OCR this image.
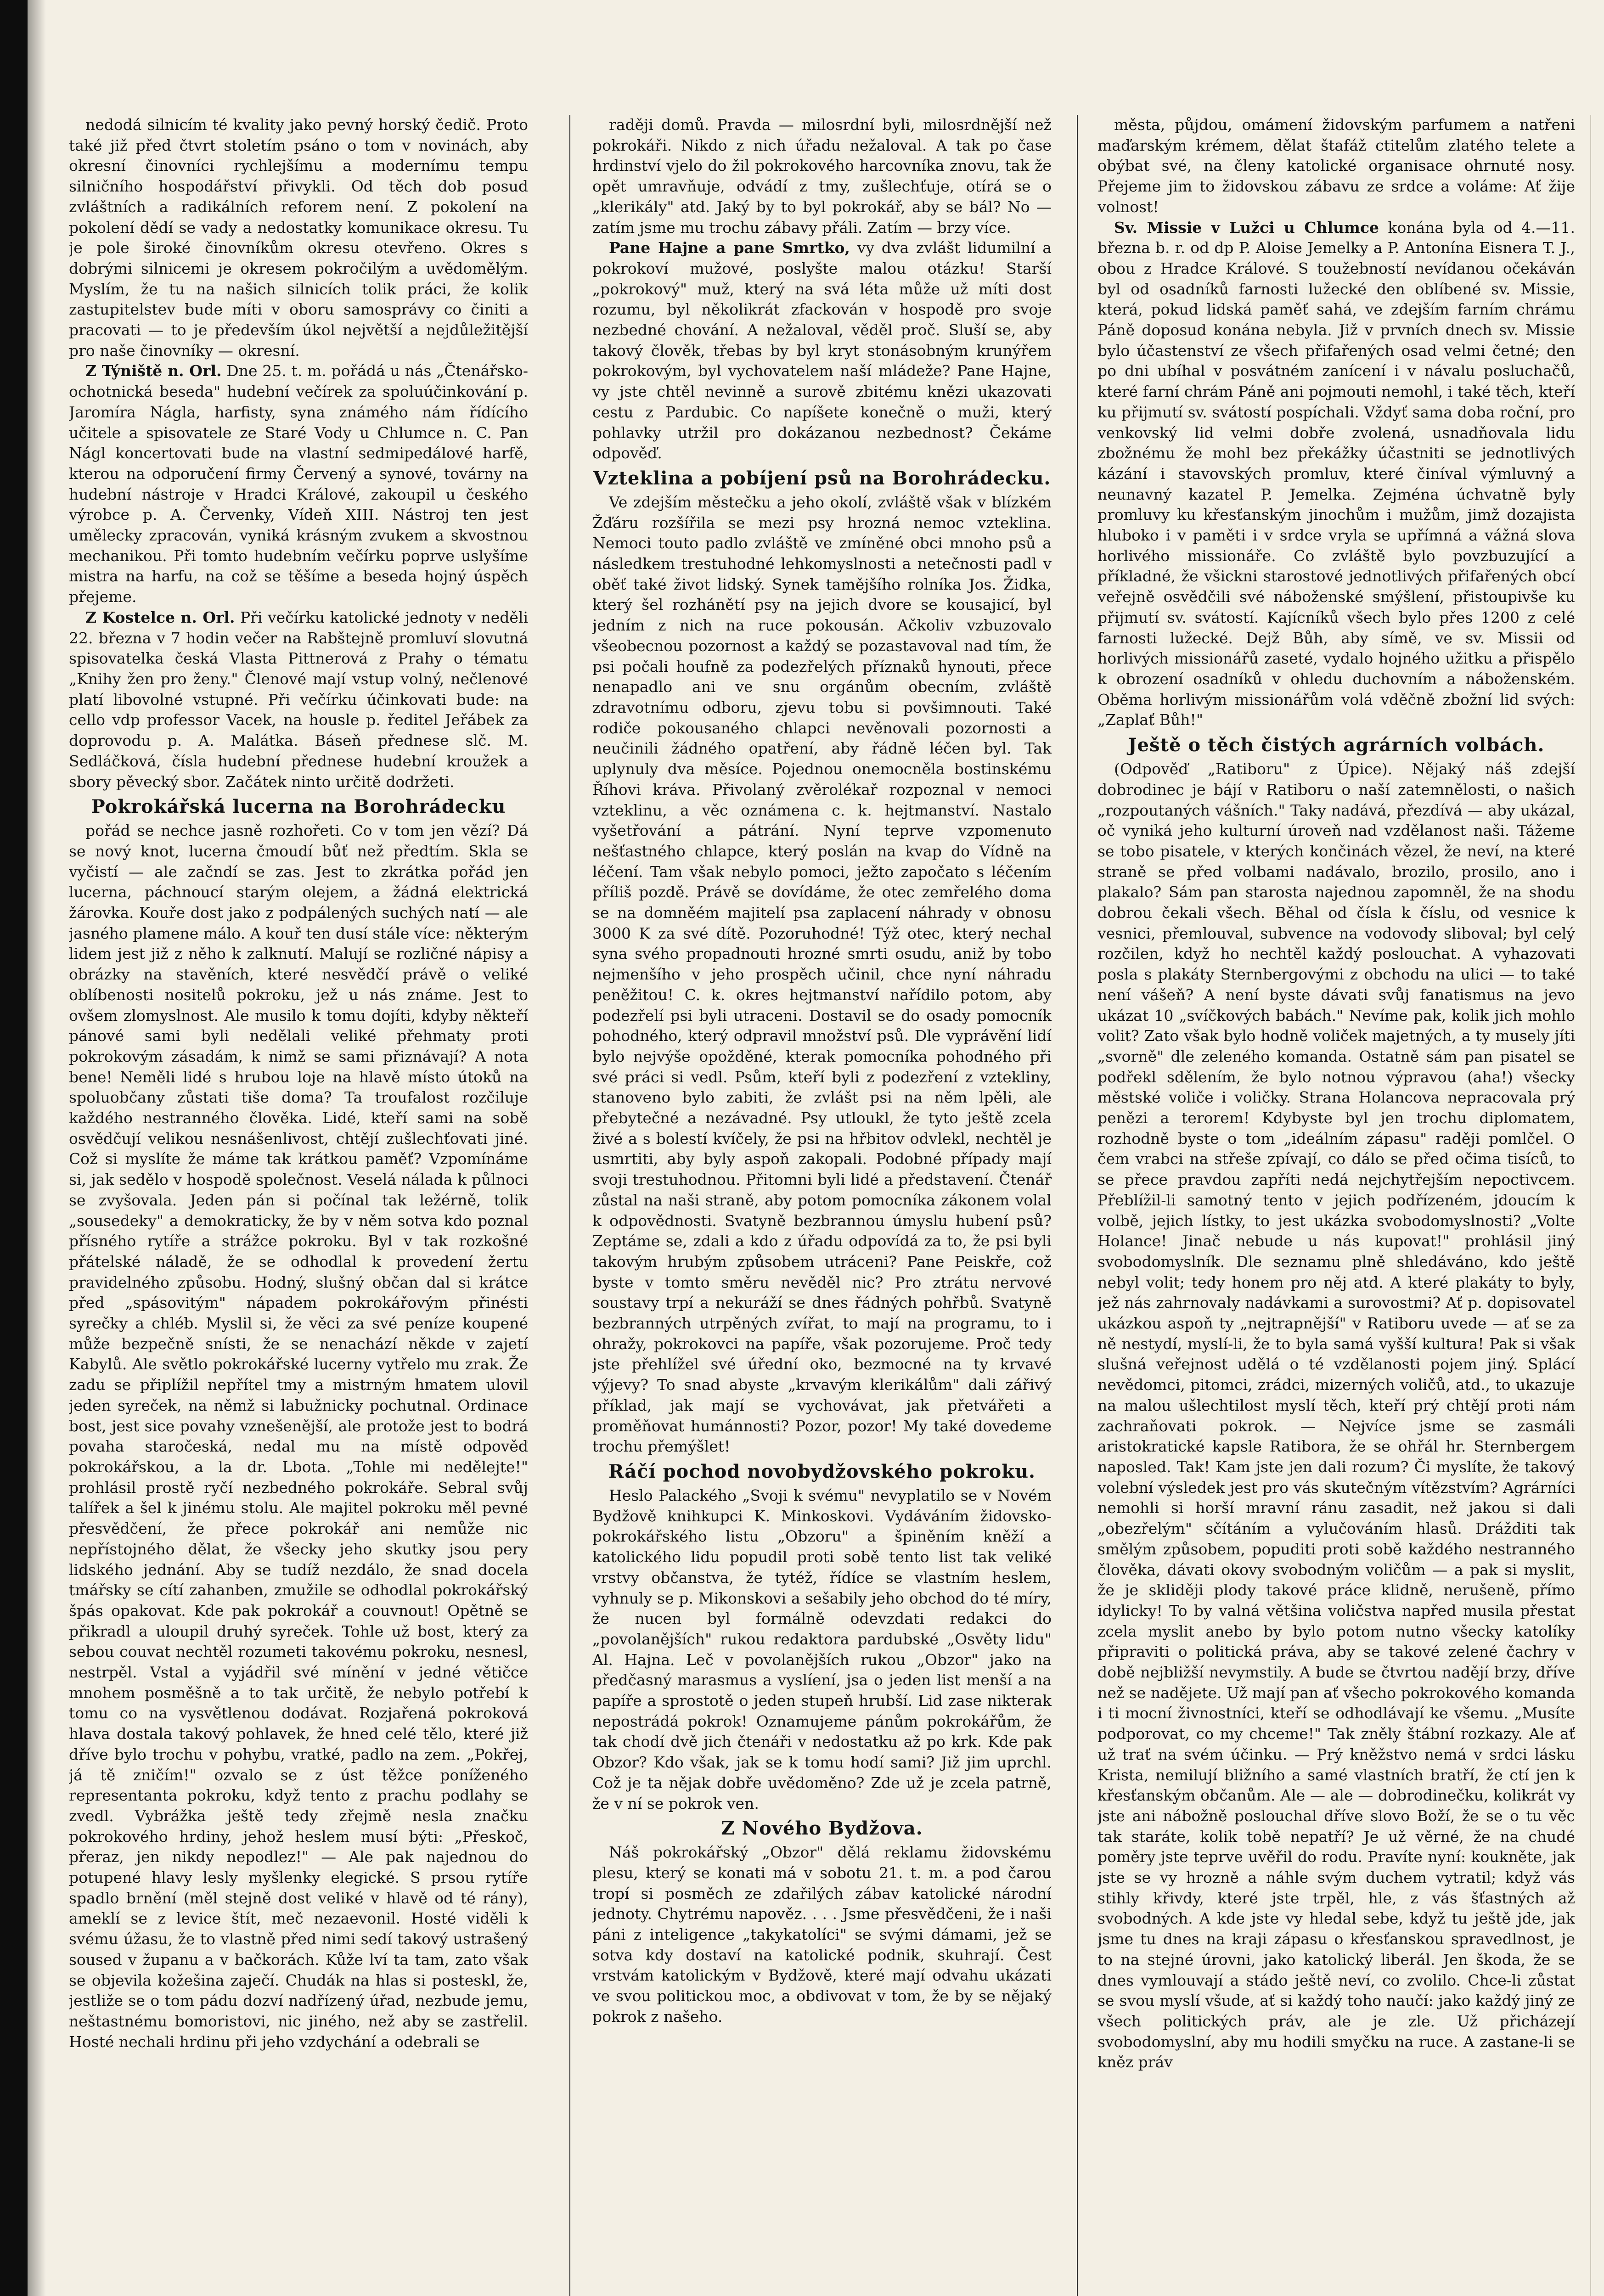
nedodá silnicím té kvality jako pevný horský čedič. Proto také již před čtvrt stoletím psáno o tom v novinách, aby okresní činovníci rychlejšímu a modernímu tempu silničního hospodářství přivykli. Od těch dob posud zvláštních a radikálních reforem není. Z pokolení na pokolení dědí se vady a nedostatky komunikace okresu. Tu je pole široké činovníkům okresu otevřeno. Okres s dobrými silnicemi je okresem pokročilým a uvědomělým. Myslím, že tu na našich silnicích tolik práci, že kolik zastupitelstev bude míti v oboru samosprávy co činiti a pracovati — to je především úkol největší a nejdůležitější pro naše činovníky — okresní.

Z Týniště n. Orl. Dne 25. t. m. pořádá u nás „Čtenářsko-ochotnická beseda" hudební večírek za spoluúčinkování p. Jaromíra Nágla, harfisty, syna známého nám řídícího učitele a spisovatele ze Staré Vody u Chlumce n. C. Pan Nágl koncertovati bude na vlastní sedmipedálové harfě, kterou na odporučení firmy Červený a synové, továrny na hudební nástroje v Hradci Králové, zakoupil u českého výrobce p. A. Červenky, Vídeň XIII. Nástroj ten jest umělecky zpracován, vyniká krásným zvukem a skvostnou mechanikou. Při tomto hudebním večírku poprve uslyšíme mistra na harfu, na což se těšíme a beseda hojný úspěch přejeme.

Z Kostelce n. Orl. Při večírku katolické jednoty v neděli 22. března v 7 hodin večer na Rabštejně promluví slovutná spisovatelka česká Vlasta Pittnerová z Prahy o tématu „Knihy žen pro ženy." Členové mají vstup volný, nečlenové platí libovolné vstupné. Při večírku účinkovati bude: na cello vdp professor Vacek, na housle p. ředitel Jeřábek za doprovodu p. A. Malátka. Báseň přednese slč. M. Sedláčková, čísla hudební přednese hudební kroužek a sbory pěvecký sbor. Začátek ninto určitě dodržeti.

Pokrokářská lucerna na Borohrádecku

pořád se nechce jasně rozhořeti. Co v tom jen vězí? Dá se nový knot, lucerna čmoudí bůť než předtím. Skla se vyčistí — ale začndí se zas. Jest to zkrátka pořád jen lucerna, páchnoucí starým olejem, a žádná elektrická žárovka. Kouře dost jako z podpálených suchých natí — ale jasného plamene málo. A kouř ten dusí stále více: některým lidem jest již z něho k zalknutí. Malují se rozličné nápisy a obrázky na stavěních, které nesvědčí právě o veliké oblíbenosti nositelů pokroku, jež u nás známe. Jest to ovšem zlomyslnost. Ale musilo k tomu dojíti, kdyby někteří pánové sami byli nedělali veliké přehmaty proti pokrokovým zásadám, k nimž se sami přiznávají? A nota bene! Neměli lidé s hrubou loje na hlavě místo útoků na spoluobčany zůstati tiše doma? Ta troufalost rozčiluje každého nestranného člověka. Lidé, kteří sami na sobě osvědčují velikou nesnášenlivost, chtějí zušlechťovati jiné. Což si myslíte že máme tak krátkou paměť? Vzpomínáme si, jak sedělo v hospodě společnost. Veselá nálada k půlnoci se zvyšovala. Jeden pán si počínal tak ležérně, tolik „sousedeky" a demokraticky, že by v něm sotva kdo poznal přísného rytíře a strážce pokroku. Byl v tak rozkošné přátelské náladě, že se odhodlal k provedení žertu pravidelného způsobu. Hodný, slušný občan dal si krátce před „spásovitým" nápadem pokrokářovým přinésti syrečky a chléb. Myslil si, že věci za své peníze koupené může bezpečně snísti, že se nenachází někde v zajetí Kabylů. Ale světlo pokrokářské lucerny vytřelo mu zrak. Že zadu se připlížil nepřítel tmy a mistrným hmatem ulovil jeden syreček, na němž si labužnicky pochutnal. Ordinace bost, jest sice povahy vznešenější, ale protože jest to bodrá povaha staročeská, nedal mu na místě odpověď pokrokářskou, a la dr. Lbota. „Tohle mi nedělejte!" prohlásil prostě ryčí nezbedného pokrokáře. Sebral svůj talířek a šel k jinému stolu. Ale majitel pokroku měl pevné přesvědčení, že přece pokrokář ani nemůže nic nepřístojného dělat, že všecky jeho skutky jsou pery lidského jednání. Aby se tudíž nezdálo, že snad docela tmářsky se cítí zahanben, zmužile se odhodlal pokrokářský špás opakovat. Kde pak pokrokář a couvnout! Opětně se přikradl a uloupil druhý syreček. Tohle už bost, který za sebou couvat nechtěl rozumeti takovému pokroku, nesnesl, nestrpěl. Vstal a vyjádřil své mínění v jedné větičce mnohem posměšně a to tak určitě, že nebylo potřebí k tomu co na vysvětlenou dodávat. Rozjařená pokroková hlava dostala takový pohlavek, že hned celé tělo, které již dříve bylo trochu v pohybu, vratké, padlo na zem. „Pokřej, já tě zničím!" ozvalo se z úst těžce poníženého representanta pokroku, když tento z prachu podlahy se zvedl. Vybrážka ještě tedy zřejmě nesla značku pokrokového hrdiny, jehož heslem musí býti: „Přeskoč, přeraz, jen nikdy nepodlez!" — Ale pak najednou do potupené hlavy lesly myšlenky elegické. S prsou rytíře spadlo brnění (měl stejně dost veliké v hlavě od té rány), ameklí se z levice štít, meč nezaevonil. Hosté viděli k svému úžasu, že to vlastně před nimi sedí takový ustrašený soused v županu a v bačkorách. Kůže lví ta tam, zato však se objevila kožešina zaječí. Chudák na hlas si posteskl, že, jestliže se o tom pádu dozví nadřízený úřad, nezbude jemu, neštastnému bomoristovi, nic jiného, než aby se zastřelil. Hosté nechali hrdinu při jeho vzdychání a odebrali se

raději domů. Pravda — milosrdní byli, milosrdnější než pokrokáři. Nikdo z nich úřadu nežaloval. A tak po čase hrdinství vjelo do žil pokrokového harcovníka znovu, tak že opět umravňuje, odvádí z tmy, zušlechťuje, otírá se o „klerikály" atd. Jaký by to byl pokrokář, aby se bál? No — zatím jsme mu trochu zábavy přáli. Zatím — brzy více.

Pane Hajne a pane Smrtko, vy dva zvlášt lidumilní a pokrokoví mužové, poslyšte malou otázku! Starší „pokrokový" muž, který na svá léta může už míti dost rozumu, byl několikrát zfackován v hospodě pro svoje nezbedné chování. A nežaloval, věděl proč. Sluší se, aby takový člověk, třebas by byl kryt stonásobným krunýřem pokrokovým, byl vychovatelem naší mládeže? Pane Hajne, vy jste chtěl nevinně a surově zbitému knězi ukazovati cestu z Pardubic. Co napíšete konečně o muži, který pohlavky utržil pro dokázanou nezbednost? Čekáme odpověď.

Vzteklina a pobíjení psů na Borohrádecku.

Ve zdejším městečku a jeho okolí, zvláště však v blízkém Žďáru rozšířila se mezi psy hrozná nemoc vzteklina. Nemoci touto padlo zvláště ve zmíněné obci mnoho psů a následkem trestuhodné lehkomyslnosti a netečnosti padl v oběť také život lidský. Synek tamějšího rolníka Jos. Židka, který šel rozhánětí psy na jejich dvore se kousajicí, byl jedním z nich na ruce pokousán. Ačkoliv vzbuzovalo všeobecnou pozornost a každý se pozastavoval nad tím, že psi počali houfně za podezřelých příznaků hynouti, přece nenapadlo ani ve snu orgánům obecním, zvláště zdravotnímu odboru, zjevu tobu si povšimnouti. Také rodiče pokousaného chlapci nevěnovali pozornosti a neučinili žádného opatření, aby řádně léčen byl. Tak uplynuly dva měsíce. Pojednou onemocněla bostinskému Říhovi kráva. Přivolaný zvěrolékař rozpoznal v nemoci vzteklinu, a věc oznámena c. k. hejtmanství. Nastalo vyšetřování a pátrání. Nyní teprve vzpomenuto nešťastného chlapce, který poslán na kvap do Vídně na léčení. Tam však nebylo pomoci, ježto započato s léčením příliš pozdě. Právě se dovídáme, že otec zemřelého doma se na domněém majitelí psa zaplacení náhrady v obnosu 3000 K za své dítě. Pozoruhodné! Týž otec, který nechal syna svého propadnouti hrozné smrti osudu, aniž by tobo nejmenšího v jeho prospěch učinil, chce nyní náhradu peněžitou! C. k. okres hejtmanství nařídilo potom, aby podezřelí psi byli utraceni. Dostavil se do osady pomocník pohodného, který odpravil množství psů. Dle vyprávění lidí bylo nejvýše opožděné, kterak pomocníka pohodného při své práci si vedl. Psům, kteří byli z podezření z vztekliny, stanoveno bylo zabiti, že zvlášt psi na něm lpěli, ale přebytečné a nezávadné. Psy utloukl, že tyto ještě zcela živé a s bolestí kvíčely, že psi na hřbitov odvlekl, nechtěl je usmrtiti, aby byly aspoň zakopali. Podobné případy mají svoji trestuhodnou. Přitomni byli lidé a představení. Čtenář zůstal na naši straně, aby potom pomocníka zákonem volal k odpovědnosti. Svatyně bezbrannou úmyslu hubení psů? Zeptáme se, zdali a kdo z úřadu odpovídá za to, že psi byli takovým hrubým způsobem utráceni? Pane Peiskře, což byste v tomto směru nevěděl nic? Pro ztrátu nervové soustavy trpí a nekuráží se dnes řádných pohřbů. Svatyně bezbranných utrpěných zvířat, to mají na programu, to i ohražy, pokrokovci na papíře, však pozorujeme. Proč tedy jste přehlížel své úřední oko, bezmocné na ty krvavé výjevy? To snad abyste „krvavým klerikálům" dali zářivý příklad, jak mají se vychovávat, jak přetvářeti a proměňovat humánnosti? Pozor, pozor! My také dovedeme trochu přemýšlet!

Ráčí pochod novobydžovského pokroku.

Heslo Palackého „Svoji k svému" nevyplatilo se v Novém Bydžově knihkupci K. Minkoskovi. Vydáváním židovsko-pokrokářského listu „Obzoru" a špiněním kněží a katolického lidu popudil proti sobě tento list tak veliké vrstvy občanstva, že tytéž, řídíce se vlastním heslem, vyhnuly se p. Mikonskovi a sešabily jeho obchod do té míry, že nucen byl formálně odevzdati redakci do „povolanějších" rukou redaktora pardubské „Osvěty lidu" Al. Hajna. Leč v povolanějších rukou „Obzor" jako na předčasný marasmus a vyslíení, jsa o jeden list menší a na papíře a sprostotě o jeden stupeň hrubší. Lid zase nikterak nepostrádá pokrok! Oznamujeme pánům pokrokářům, že tak chodí dvě jich čtenáři v nedostatku až po krk. Kde pak Obzor? Kdo však, jak se k tomu hodí sami? Již jim uprchl. Což je ta nějak dobře uvědoměno? Zde už je zcela patrně, že v ní se pokrok ven.

Z Nového Bydžova.

Náš pokrokářský „Obzor" dělá reklamu židovskému plesu, který se konati má v sobotu 21. t. m. a pod čarou tropí si posměch ze zdařilých zábav katolické národní jednoty. Chytrému napověz. . . . Jsme přesvědčeni, že i naši páni z inteligence „takykatolíci" se svými dámami, jež se sotva kdy dostaví na katolické podnik, skuhrají. Čest vrstvám katolickým v Bydžově, které mají odvahu ukázati ve svou politickou moc, a obdivovat v tom, že by se nějaký pokrok z našeho.

města, půjdou, omámení židovským parfumem a natřeni maďarským krémem, dělat štafáž ctitelům zlatého telete a obýbat své, na členy katolické organisace ohrnuté nosy. Přejeme jim to židovskou zábavu ze srdce a voláme: Ať žije volnost!

Sv. Missie v Lužci u Chlumce konána byla od 4.—11. března b. r. od dp P. Aloise Jemelky a P. Antonína Eisnera T. J., obou z Hradce Králové. S toužebností nevídanou očekáván byl od osadníků farnosti lužecké den oblíbené sv. Missie, která, pokud lidská paměť sahá, ve zdejším farním chrámu Páně doposud konána nebyla. Již v prvních dnech sv. Missie bylo účastenství ze všech přifařených osad velmi četné; den po dni ubíhal v posvátném zanícení i v návalu posluchačů, které farní chrám Páně ani pojmouti nemohl, i také těch, kteří ku přijmutí sv. svátostí pospíchali. Vždyť sama doba roční, pro venkovský lid velmi dobře zvolená, usnadňovala lidu zbožnému že mohl bez překážky účastniti se jednotlivých kázání i stavovských promluv, které činíval výmluvný a neunavný kazatel P. Jemelka. Zejména úchvatně byly promluvy ku křesťanským jinochům i mužům, jimž dozajista hluboko i v paměti i v srdce vryla se upřímná a vážná slova horlivého missionáře. Co zvláště bylo povzbuzující a příkladné, že všickni starostové jednotlivých přifařených obcí veřejně osvědčili své náboženské smýšlení, přistoupivše ku přijmutí sv. svátostí. Kajícníků všech bylo přes 1200 z celé farnosti lužecké. Dejž Bůh, aby símě, ve sv. Missii od horlivých missionářů zaseté, vydalo hojného užitku a přispělo k obrození osadníků v ohledu duchovním a náboženském. Oběma horlivým missionářům volá vděčně zbožní lid svých: „Zaplať Bůh!"

Ještě o těch čistých agrárních volbách.

(Odpověď „Ratiboru" z Úpice). Nějaký náš zdejší dobrodinec je bájí v Ratiboru o naší zatemnělosti, o našich „rozpoutaných vášních." Taky nadává, přezdívá — aby ukázal, oč vyniká jeho kulturní úroveň nad vzdělanost naši. Tážeme se tobo pisatele, v kterých končinách vězel, že neví, na které straně se před volbami nadávalo, brozilo, prosilo, ano i plakalo? Sám pan starosta najednou zapomněl, že na shodu dobrou čekali všech. Běhal od čísla k číslu, od vesnice k vesnici, přemlouval, subvence na vodovody sliboval; byl celý rozčilen, když ho nechtěl každý poslouchat. A vyhazovati posla s plakáty Sternbergovými z obchodu na ulici — to také není vášeň? A není byste dávati svůj fanatismus na jevo ukázat 10 „svíčkových babách." Nevíme pak, kolik jich mohlo volit? Zato však bylo hodně voliček majetných, a ty musely jíti „svorně" dle zeleného komanda. Ostatně sám pan pisatel se podřekl sdělením, že bylo notnou výpravou (aha!) všecky městské voliče i voličky. Strana Holancova nepracovala prý penězi a terorem! Kdybyste byl jen trochu diplomatem, rozhodně byste o tom „ideálním zápasu" raději pomlčel. O čem vrabci na střeše zpívají, co dálo se před očima tisíců, to se přece pravdou zapříti nedá nejchytřejším nepoctivcem. Přeblížil-li samotný tento v jejich podřízeném, jdoucím k volbě, jejich lístky, to jest ukázka svobodomyslnosti? „Volte Holance! Jinač nebude u nás kupovat!" prohlásil jiný svobodomyslník. Dle seznamu plně shledáváno, kdo ještě nebyl volit; tedy honem pro něj atd. A které plakáty to byly, jež nás zahrnovaly nadávkami a surovostmi? Ať p. dopisovatel ukázkou aspoň ty „nejtrapnější" v Ratiboru uvede — ať se za ně nestydí, myslí-li, že to byla samá vyšší kultura! Pak si však slušná veřejnost udělá o té vzdělanosti pojem jiný. Splácí nevědomci, pitomci, zrádci, mizerných voličů, atd., to ukazuje na malou ušlechtilost myslí těch, kteří prý chtějí proti nám zachraňovati pokrok. — Nejvíce jsme se zasmáli aristokratické kapsle Ratibora, že se ohřál hr. Sternbergem naposled. Tak! Kam jste jen dali rozum? Či myslíte, že takový volební výsledek jest pro vás skutečným vítězstvím? Agrárníci nemohli si horší mravní ránu zasadit, než jakou si dali „obezřelým" sčítáním a vylučováním hlasů. Drážditi tak smělým způsobem, popuditi proti sobě každého nestranného člověka, dávati okovy svobodným voličům — a pak si myslit, že je skliději plody takové práce klidně, nerušeně, přímo idylicky! To by valná většina voličstva napřed musila přestat zcela myslit anebo by bylo potom nutno všecky katolíky připraviti o politická práva, aby se takové zelené čachry v době nejbližší nevymstily. A bude se čtvrtou nadějí brzy, dříve než se nadějete. Už mají pan ať všecho pokrokového komanda i ti mocní živnostníci, kteří se odhodlávají ke všemu. „Musíte podporovat, co my chceme!" Tak zněly štábní rozkazy. Ale ať už trať na svém účinku. — Prý kněžstvo nemá v srdci lásku Krista, nemilují bližního a samé vlastních bratří, že ctí jen k křesťanským občanům. Ale — ale — dobrodinečku, kolikrát vy jste ani nábožně poslouchal dříve slovo Boží, že se o tu věc tak staráte, kolik tobě nepatří? Je už věrné, že na chudé poměry jste teprve uvěřil do rodu. Pravíte nyní: koukněte, jak jste se vy hrozně a náhle svým duchem vytratil; když vás stihly křivdy, které jste trpěl, hle, z vás šťastných až svobodných. A kde jste vy hledal sebe, když tu ještě jde, jak jsme tu dnes na kraji zápasu o křesťanskou spravedlnost, je to na stejné úrovni, jako katolický liberál. Jen škoda, že se dnes vymlouvají a stádo ještě neví, co zvolilo. Chce-li zůstat se svou myslí všude, ať si každý toho naučí: jako každý jiný ze všech politických práv, ale je zle. Už přicházejí svobodomyslní, aby mu hodili smyčku na ruce. A zastane-li se kněz práv
